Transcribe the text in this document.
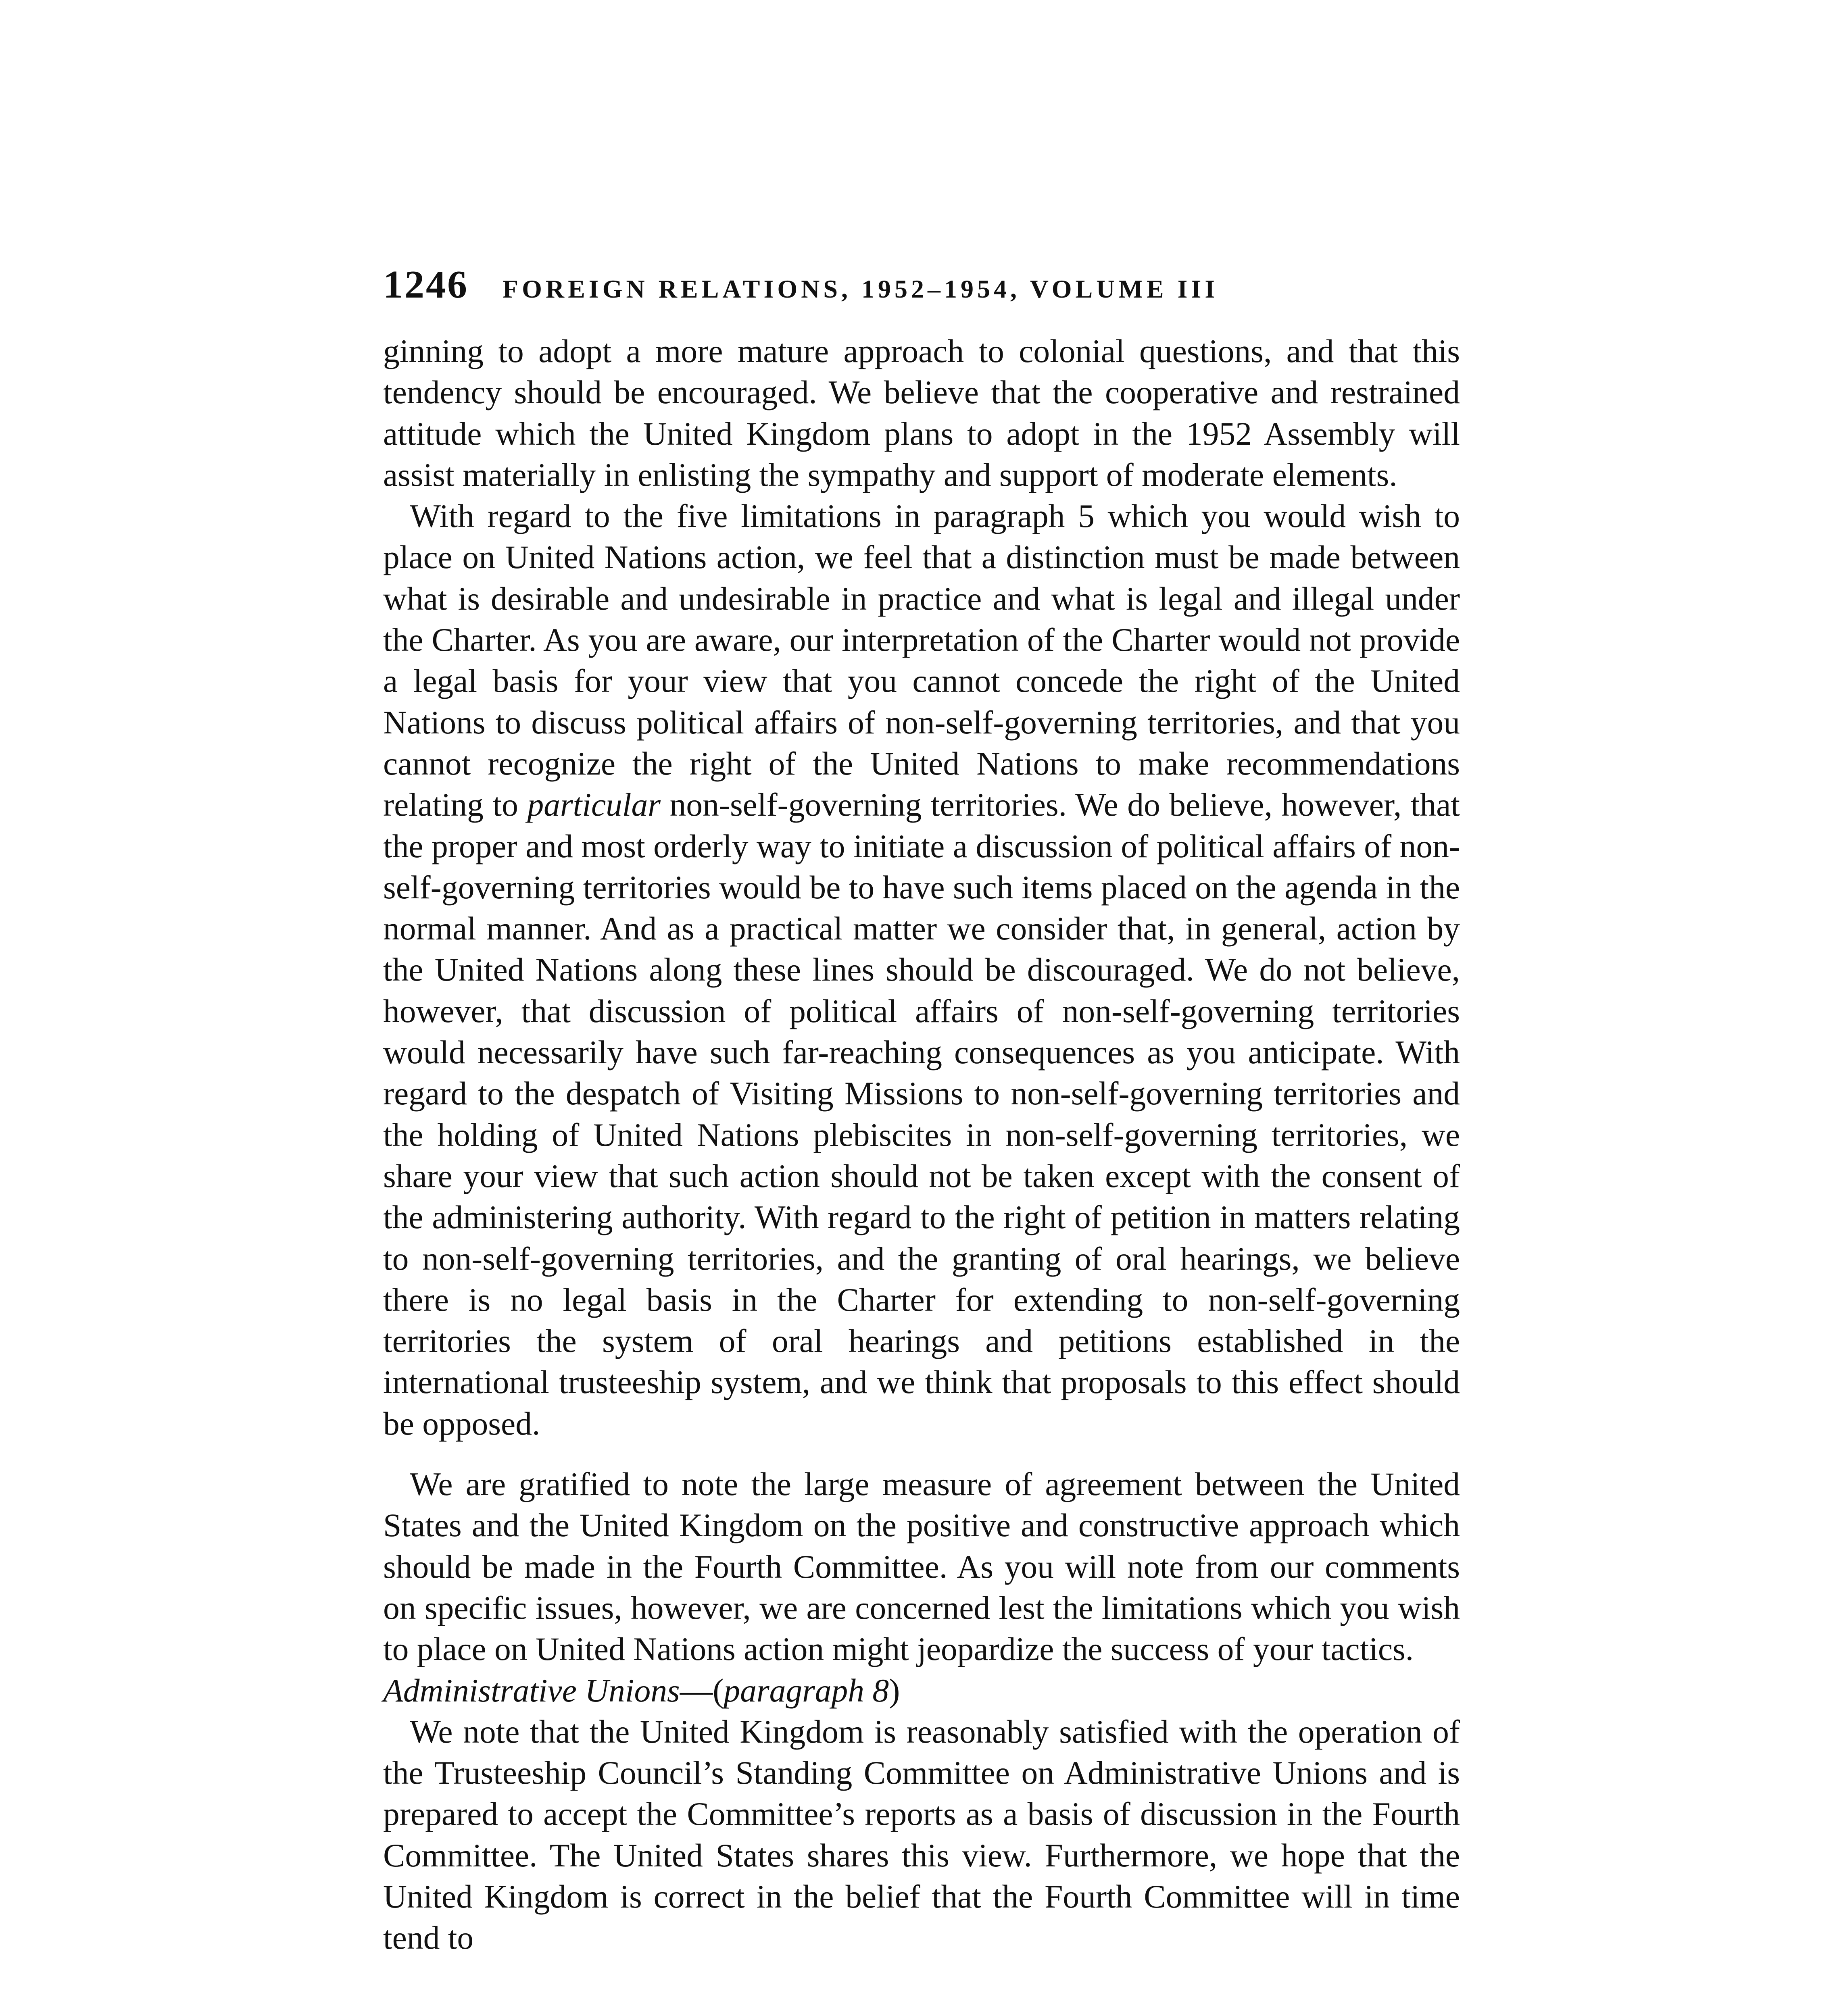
1246 FOREIGN RELATIONS, 1952–1954, VOLUME III

ginning to adopt a more mature approach to colonial questions, and that this tendency should be encouraged. We believe that the cooperative and restrained attitude which the United Kingdom plans to adopt in the 1952 Assembly will assist materially in enlisting the sympathy and support of moderate elements.

With regard to the five limitations in paragraph 5 which you would wish to place on United Nations action, we feel that a distinction must be made between what is desirable and undesirable in practice and what is legal and illegal under the Charter. As you are aware, our interpretation of the Charter would not provide a legal basis for your view that you cannot concede the right of the United Nations to discuss political affairs of non-self-governing territories, and that you cannot recognize the right of the United Nations to make recommendations relating to particular non-self-governing territories. We do believe, however, that the proper and most orderly way to initiate a discussion of political affairs of non-self-governing territories would be to have such items placed on the agenda in the normal manner. And as a practical matter we consider that, in general, action by the United Nations along these lines should be discouraged. We do not believe, however, that discussion of political affairs of non-self-governing territories would necessarily have such far-reaching consequences as you anticipate. With regard to the despatch of Visiting Missions to non-self-governing territories and the holding of United Nations plebiscites in non-self-governing territories, we share your view that such action should not be taken except with the consent of the administering authority. With regard to the right of petition in matters relating to non-self-governing territories, and the granting of oral hearings, we believe there is no legal basis in the Charter for extending to non-self-governing territories the system of oral hearings and petitions established in the international trusteeship system, and we think that proposals to this effect should be opposed.

We are gratified to note the large measure of agreement between the United States and the United Kingdom on the positive and constructive approach which should be made in the Fourth Committee. As you will note from our comments on specific issues, however, we are concerned lest the limitations which you wish to place on United Nations action might jeopardize the success of your tactics.

Administrative Unions—(paragraph 8)

We note that the United Kingdom is reasonably satisfied with the operation of the Trusteeship Council’s Standing Committee on Administrative Unions and is prepared to accept the Committee’s reports as a basis of discussion in the Fourth Committee. The United States shares this view. Furthermore, we hope that the United Kingdom is correct in the belief that the Fourth Committee will in time tend to
